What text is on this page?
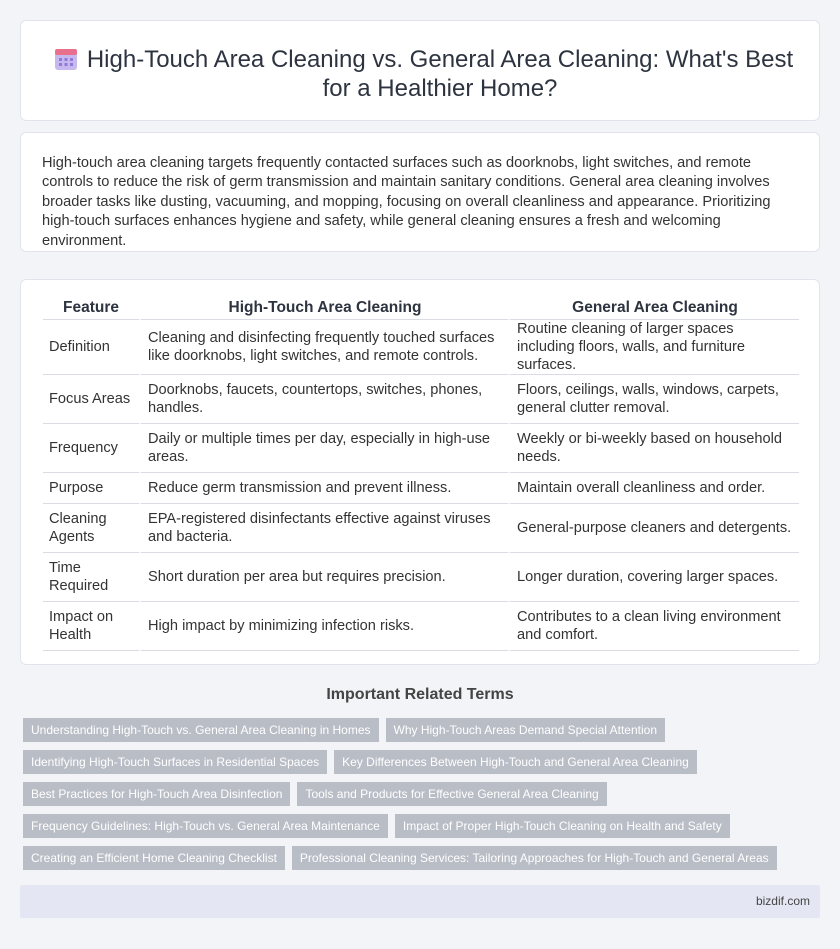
High-Touch Area Cleaning vs. General Area Cleaning: What's Best for a Healthier Home?

High-touch area cleaning targets frequently contacted surfaces such as doorknobs, light switches, and remote controls to reduce the risk of germ transmission and maintain sanitary conditions. General area cleaning involves broader tasks like dusting, vacuuming, and mopping, focusing on overall cleanliness and appearance. Prioritizing high-touch surfaces enhances hygiene and safety, while general cleaning ensures a fresh and welcoming environment.

Feature	High-Touch Area Cleaning	General Area Cleaning
Definition	Cleaning and disinfecting frequently touched surfaces like doorknobs, light switches, and remote controls.	Routine cleaning of larger spaces including floors, walls, and furniture surfaces.
Focus Areas	Doorknobs, faucets, countertops, switches, phones, handles.	Floors, ceilings, walls, windows, carpets, general clutter removal.
Frequency	Daily or multiple times per day, especially in high-use areas.	Weekly or bi-weekly based on household needs.
Purpose	Reduce germ transmission and prevent illness.	Maintain overall cleanliness and order.
Cleaning Agents	EPA-registered disinfectants effective against viruses and bacteria.	General-purpose cleaners and detergents.
Time Required	Short duration per area but requires precision.	Longer duration, covering larger spaces.
Impact on Health	High impact by minimizing infection risks.	Contributes to a clean living environment and comfort.
Important Related Terms
Understanding High-Touch vs. General Area Cleaning in Homes	Why High-Touch Areas Demand Special Attention
Identifying High-Touch Surfaces in Residential Spaces	Key Differences Between High-Touch and General Area Cleaning
Best Practices for High-Touch Area Disinfection	Tools and Products for Effective General Area Cleaning
Frequency Guidelines: High-Touch vs. General Area Maintenance	Impact of Proper High-Touch Cleaning on Health and Safety
Creating an Efficient Home Cleaning Checklist	Professional Cleaning Services: Tailoring Approaches for High-Touch and General Areas
bizdif.com
